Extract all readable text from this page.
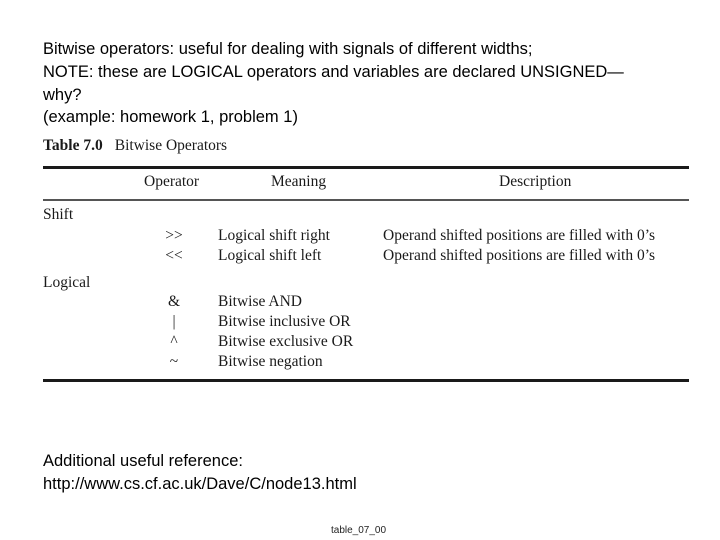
Bitwise operators: useful for dealing with signals of different widths;
NOTE: these are LOGICAL operators and variables are declared UNSIGNED—
why?
(example: homework 1, problem 1)
Table 7.0 Bitwise Operators
Operator	Meaning	Description
Shift
>> Logical shift right	Operand shifted positions are filled with 0’s
<< Logical shift left	Operand shifted positions are filled with 0’s
Logical
&	Bitwise AND
|	Bitwise inclusive OR
^	Bitwise exclusive OR
~	Bitwise negation
Additional useful reference:
http://www.cs.cf.ac.uk/Dave/C/node13.html
table_07_00
